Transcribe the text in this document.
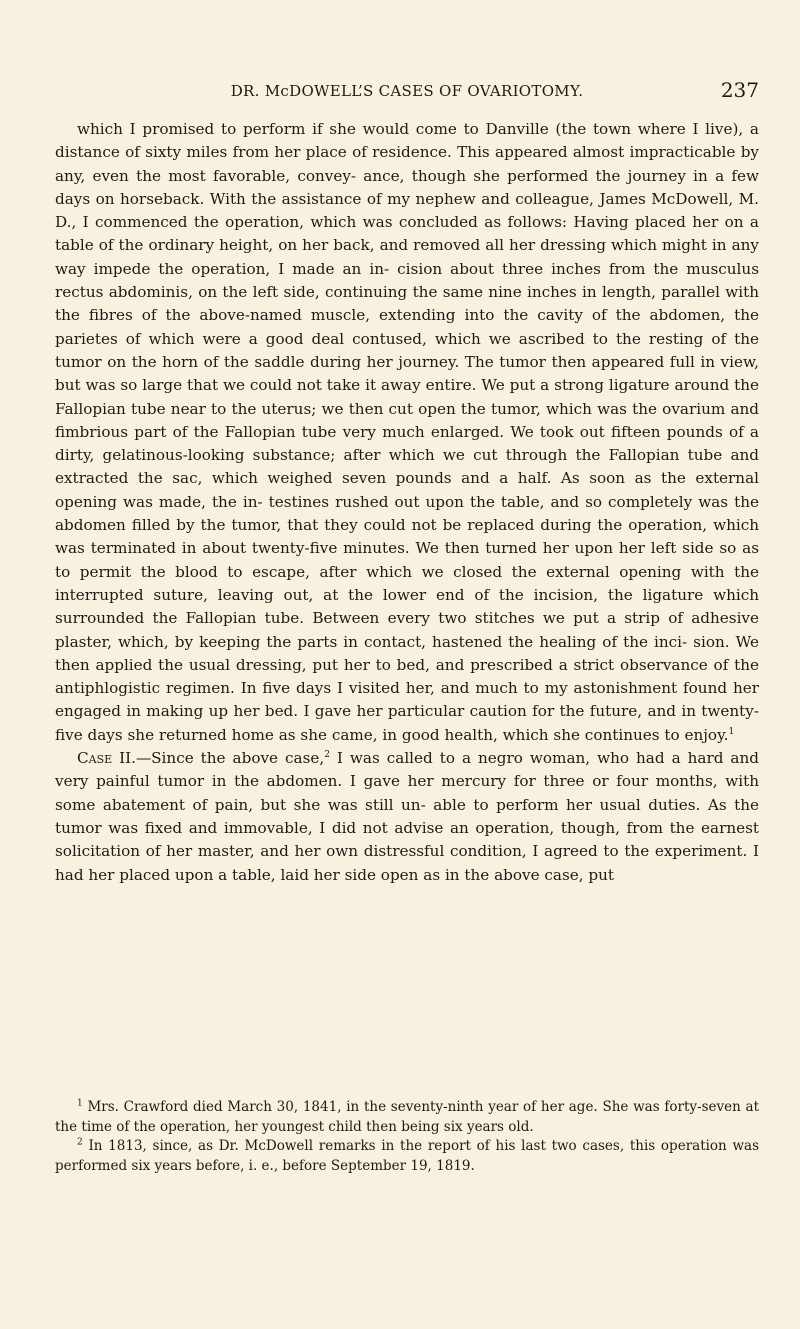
DR. McDOWELL’S CASES OF OVARIOTOMY.	237

which I promised to perform if she would come to Danville (the town where I live), a distance of sixty miles from her place of residence. This appeared almost impracticable by any, even the most favorable, convey- ance, though she performed the journey in a few days on horseback. With the assistance of my nephew and colleague, James McDowell, M. D., I commenced the operation, which was concluded as follows: Having placed her on a table of the ordinary height, on her back, and removed all her dressing which might in any way impede the operation, I made an in- cision about three inches from the musculus rectus abdominis, on the left side, continuing the same nine inches in length, parallel with the fibres of the above-named muscle, extending into the cavity of the abdomen, the parietes of which were a good deal contused, which we ascribed to the resting of the tumor on the horn of the saddle during her journey. The tumor then appeared full in view, but was so large that we could not take it away entire. We put a strong ligature around the Fallopian tube near to the uterus; we then cut open the tumor, which was the ovarium and fimbrious part of the Fallopian tube very much enlarged. We took out fifteen pounds of a dirty, gelatinous-looking substance; after which we cut through the Fallopian tube and extracted the sac, which weighed seven pounds and a half. As soon as the external opening was made, the in- testines rushed out upon the table, and so completely was the abdomen filled by the tumor, that they could not be replaced during the operation, which was terminated in about twenty-five minutes. We then turned her upon her left side so as to permit the blood to escape, after which we closed the external opening with the interrupted suture, leaving out, at the lower end of the incision, the ligature which surrounded the Fallopian tube. Between every two stitches we put a strip of adhesive plaster, which, by keeping the parts in contact, hastened the healing of the inci- sion. We then applied the usual dressing, put her to bed, and prescribed a strict observance of the antiphlogistic regimen. In five days I visited her, and much to my astonishment found her engaged in making up her bed. I gave her particular caution for the future, and in twenty-five days she returned home as she came, in good health, which she continues to enjoy.$^1$

Case II.—Since the above case,$^2$ I was called to a negro woman, who had a hard and very painful tumor in the abdomen. I gave her mercury for three or four months, with some abatement of pain, but she was still un- able to perform her usual duties. As the tumor was fixed and immovable, I did not advise an operation, though, from the earnest solicitation of her master, and her own distressful condition, I agreed to the experiment. I had her placed upon a table, laid her side open as in the above case, put

$^1$ Mrs. Crawford died March 30, 1841, in the seventy-ninth year of her age. She was forty-seven at the time of the operation, her youngest child then being six years old.

$^2$ In 1813, since, as Dr. McDowell remarks in the report of his last two cases, this operation was performed six years before, i. e., before September 19, 1819.
